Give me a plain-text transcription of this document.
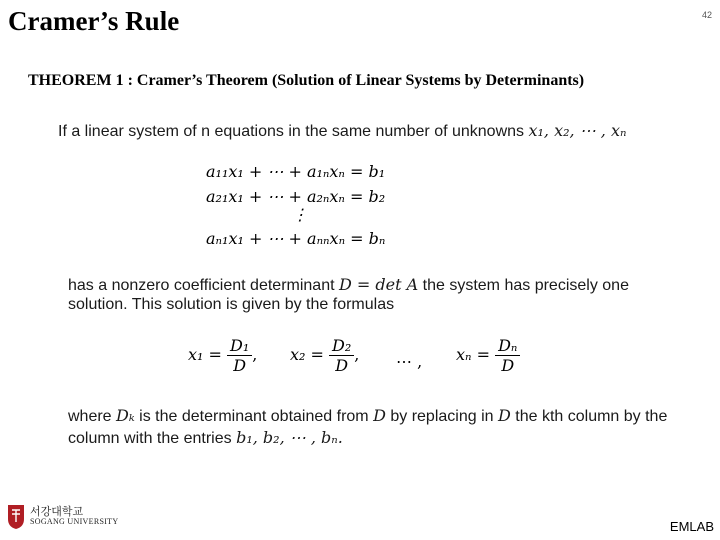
Cramer’s Rule	42
THEOREM 1 : Cramer’s Theorem (Solution of Linear Systems by Determinants)
If a linear system of n equations in the same number of unknowns x₁, x₂, ⋯ , xₙ
a₁₁x₁ + ⋯ + a₁ₙxₙ = b₁
a₂₁x₁ + ⋯ + a₂ₙxₙ = b₂
⋮
aₙ₁x₁ + ⋯ + aₙₙxₙ = bₙ
has a nonzero coefficient determinant D = det A the system has precisely one
solution. This solution is given by the formulas
$x_1 = \frac{\text{D₁}}{D}$ , $x_2 = \frac{\text{D₂}}{D}$ , ⋯ , $x_n = \frac{\text{Dₙ}}{D}$
where Dₖ is the determinant obtained from D by replacing in D the kth column by the
column with the entries b₁, b₂, ⋯ , bₙ.
서강대학교
SOGANG UNIVERSITY	EMLAB
